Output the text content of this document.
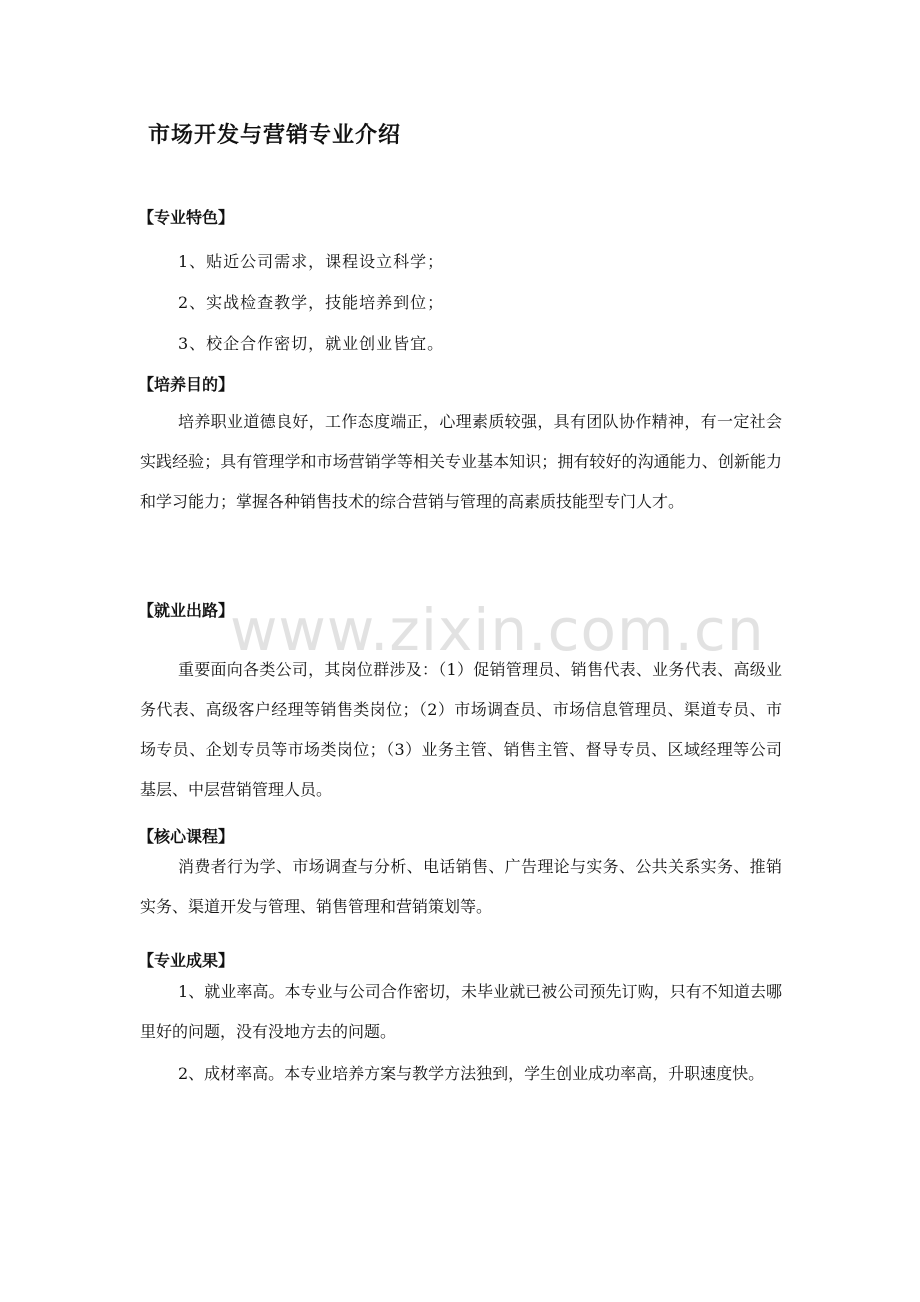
市场开发与营销专业介绍
【专业特色】

1、贴近公司需求，课程设立科学；

2、实战检查教学，技能培养到位；

3、校企合作密切，就业创业皆宜。

【培养目的】

培养职业道德良好，工作态度端正，心理素质较强，具有团队协作精神，有一定社会实践经验；具有管理学和市场营销学等相关专业基本知识；拥有较好的沟通能力、创新能力和学习能力；掌握各种销售技术的综合营销与管理的高素质技能型专门人才。

【就业出路】

重要面向各类公司，其岗位群涉及：（1）促销管理员、销售代表、业务代表、高级业务代表、高级客户经理等销售类岗位；（2）市场调查员、市场信息管理员、渠道专员、市场专员、企划专员等市场类岗位；（3）业务主管、销售主管、督导专员、区域经理等公司基层、中层营销管理人员。

【核心课程】

消费者行为学、市场调查与分析、电话销售、广告理论与实务、公共关系实务、推销实务、渠道开发与管理、销售管理和营销策划等。

【专业成果】

1、就业率高。本专业与公司合作密切，未毕业就已被公司预先订购，只有不知道去哪里好的问题，没有没地方去的问题。

2、成材率高。本专业培养方案与教学方法独到，学生创业成功率高，升职速度快。

www.zixin.com.cn
